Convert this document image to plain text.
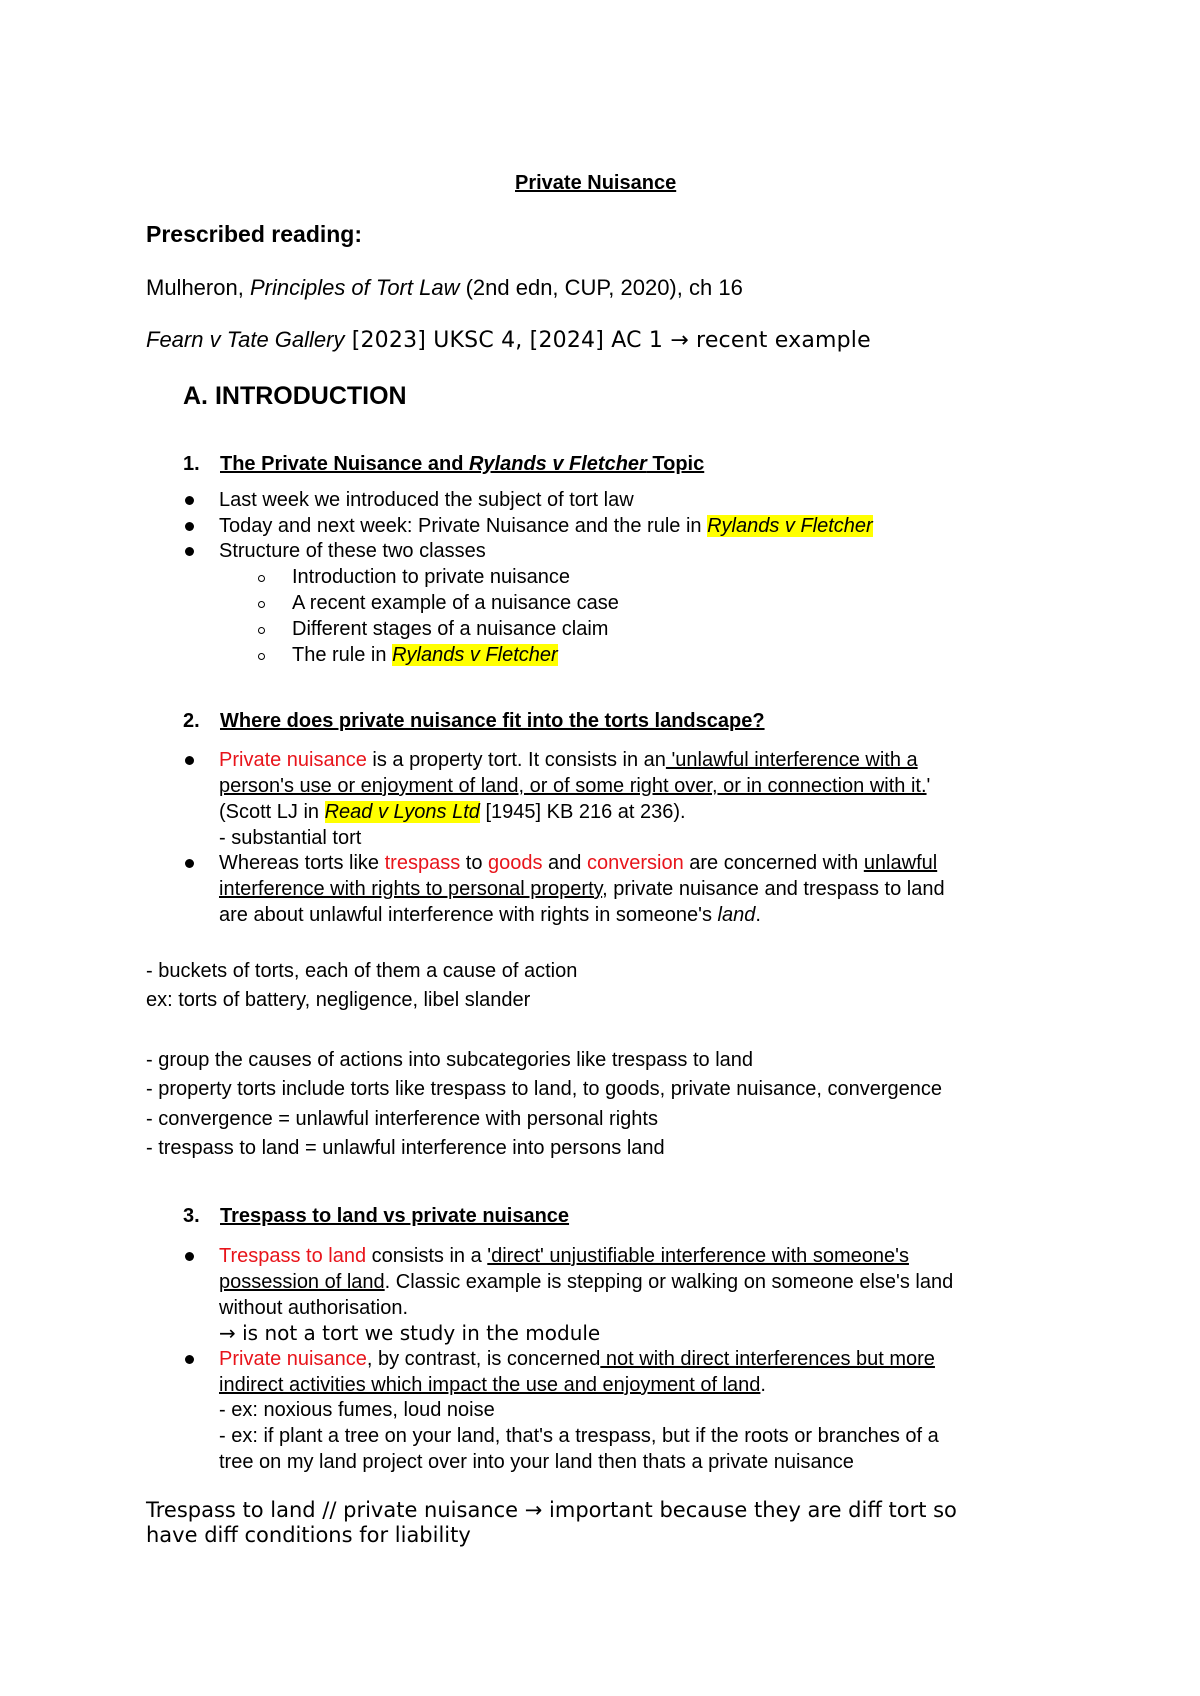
Private Nuisance
Prescribed reading:
Mulheron, Principles of Tort Law (2nd edn, CUP, 2020), ch 16
Fearn v Tate Gallery [2023] UKSC 4, [2024] AC 1 → recent example
A. INTRODUCTION
1. The Private Nuisance and Rylands v Fletcher Topic
Last week we introduced the subject of tort law
Today and next week: Private Nuisance and the rule in Rylands v Fletcher
Structure of these two classes
Introduction to private nuisance
A recent example of a nuisance case
Different stages of a nuisance claim
The rule in Rylands v Fletcher
2. Where does private nuisance fit into the torts landscape?
Private nuisance is a property tort. It consists in an 'unlawful interference with a
person's use or enjoyment of land, or of some right over, or in connection with it.'
(Scott LJ in Read v Lyons Ltd [1945] KB 216 at 236).
- substantial tort
Whereas torts like trespass to goods and conversion are concerned with unlawful
interference with rights to personal property, private nuisance and trespass to land
are about unlawful interference with rights in someone's land.
- buckets of torts, each of them a cause of action
ex: torts of battery, negligence, libel slander
- group the causes of actions into subcategories like trespass to land
- property torts include torts like trespass to land, to goods, private nuisance, convergence
- convergence = unlawful interference with personal rights
- trespass to land = unlawful interference into persons land
3. Trespass to land vs private nuisance
Trespass to land consists in a 'direct' unjustifiable interference with someone's
possession of land. Classic example is stepping or walking on someone else's land
without authorisation.
→ is not a tort we study in the module
Private nuisance, by contrast, is concerned not with direct interferences but more
indirect activities which impact the use and enjoyment of land.
- ex: noxious fumes, loud noise
- ex: if plant a tree on your land, that's a trespass, but if the roots or branches of a
tree on my land project over into your land then thats a private nuisance
Trespass to land // private nuisance → important because they are diff tort so
have diff conditions for liability
